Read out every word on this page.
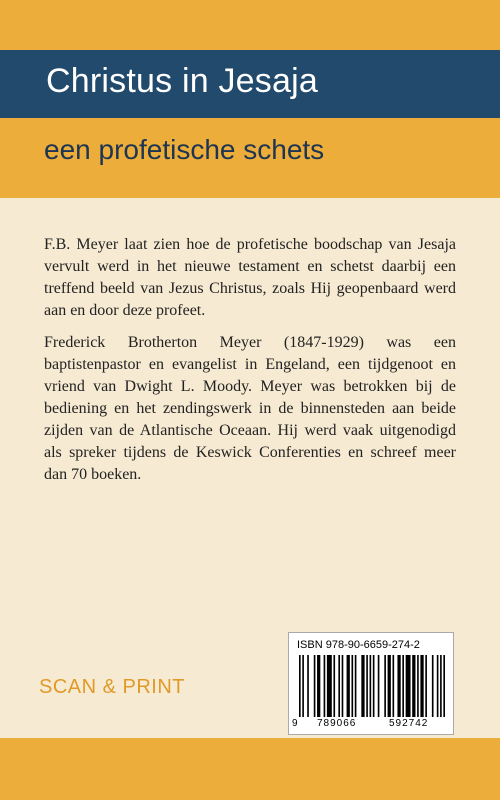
Christus in Jesaja
een profetische schets

F.B. Meyer laat zien hoe de profetische boodschap van Jesaja vervult werd in het nieuwe testament en schetst daarbij een treffend beeld van Jezus Christus, zoals Hij geopenbaard werd aan en door deze profeet.

Frederick Brotherton Meyer (1847-1929) was een baptistenpastor en evangelist in Engeland, een tijdgenoot en vriend van Dwight L. Moody. Meyer was betrokken bij de bediening en het zendingswerk in de binnensteden aan beide zijden van de Atlantische Oceaan. Hij werd vaak uitgenodigd als spreker tijdens de Keswick Conferenties en schreef meer dan 70 boeken.

SCAN & PRINT
ISBN 978-90-6659-274-2
9 789066	592742
